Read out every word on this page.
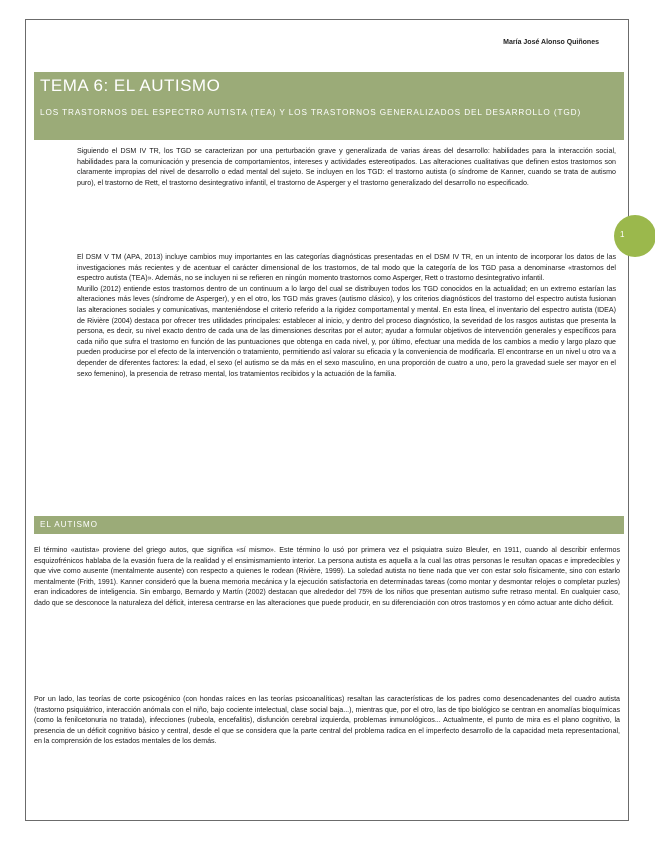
María José Alonso Quiñones
TEMA 6: EL AUTISMO
LOS TRASTORNOS DEL ESPECTRO AUTISTA (TEA) Y LOS TRASTORNOS GENERALIZADOS DEL DESARROLLO (TGD)
1

Siguiendo el DSM IV TR, los TGD se caracterizan por una perturbación grave y generalizada de varias áreas del desarrollo: habilidades para la interacción social, habilidades para la comunicación y presencia de comportamientos, intereses y actividades estereotipados. Las alteraciones cualitativas que definen estos trastornos son claramente impropias del nivel de desarrollo o edad mental del sujeto. Se incluyen en los TGD: el trastorno autista (o síndrome de Kanner, cuando se trata de autismo puro), el trastorno de Rett, el trastorno desintegrativo infantil, el trastorno de Asperger y el trastorno generalizado del desarrollo no especificado.

El DSM V TM (APA, 2013) incluye cambios muy importantes en las categorías diagnósticas presentadas en el DSM IV TR, en un intento de incorporar los datos de las investigaciones más recientes y de acentuar el carácter dimensional de los trastornos, de tal modo que la categoría de los TGD pasa a denominarse «trastornos del espectro autista (TEA)». Además, no se incluyen ni se refieren en ningún momento trastornos como Asperger, Rett o trastorno desintegrativo infantil.

Murillo (2012) entiende estos trastornos dentro de un continuum a lo largo del cual se distribuyen todos los TGD conocidos en la actualidad; en un extremo estarían las alteraciones más leves (síndrome de Asperger), y en el otro, los TGD más graves (autismo clásico), y los criterios diagnósticos del trastorno del espectro autista fusionan las alteraciones sociales y comunicativas, manteniéndose el criterio referido a la rigidez comportamental y mental. En esta línea, el inventario del espectro autista (IDEA) de Rivière (2004) destaca por ofrecer tres utilidades principales: establecer al inicio, y dentro del proceso diagnóstico, la severidad de los rasgos autistas que presenta la persona, es decir, su nivel exacto dentro de cada una de las dimensiones descritas por el autor; ayudar a formular objetivos de intervención generales y específicos para cada niño que sufra el trastorno en función de las puntuaciones que obtenga en cada nivel, y, por último, efectuar una medida de los cambios a medio y largo plazo que pueden producirse por el efecto de la intervención o tratamiento, permitiendo así valorar su eficacia y la conveniencia de modificarla. El encontrarse en un nivel u otro va a depender de diferentes factores: la edad, el sexo (el autismo se da más en el sexo masculino, en una proporción de cuatro a uno, pero la gravedad suele ser mayor en el sexo femenino), la presencia de retraso mental, los tratamientos recibidos y la actuación de la familia.

EL AUTISMO

El término «autista» proviene del griego autos, que significa «sí mismo». Este término lo usó por primera vez el psiquiatra suizo Bleuler, en 1911, cuando al describir enfermos esquizofrénicos hablaba de la evasión fuera de la realidad y el ensimismamiento interior. La persona autista es aquella a la cual las otras personas le resultan opacas e impredecibles y que vive como ausente (mentalmente ausente) con respecto a quienes le rodean (Rivière, 1999). La soledad autista no tiene nada que ver con estar solo físicamente, sino con estarlo mentalmente (Frith, 1991). Kanner consideró que la buena memoria mecánica y la ejecución satisfactoria en determinadas tareas (como montar y desmontar relojes o completar puzles) eran indicadores de inteligencia. Sin embargo, Bernardo y Martín (2002) destacan que alrededor del 75% de los niños que presentan autismo sufre retraso mental. En cualquier caso, dado que se desconoce la naturaleza del déficit, interesa centrarse en las alteraciones que puede producir, en su diferenciación con otros trastornos y en cómo actuar ante dicho déficit.

Por un lado, las teorías de corte psicogénico (con hondas raíces en las teorías psicoanalíticas) resaltan las características de los padres como desencadenantes del cuadro autista (trastorno psiquiátrico, interacción anómala con el niño, bajo cociente intelectual, clase social baja...), mientras que, por el otro, las de tipo biológico se centran en anomalías bioquímicas (como la fenilcetonuria no tratada), infecciones (rubeola, encefalitis), disfunción cerebral izquierda, problemas inmunológicos... Actualmente, el punto de mira es el plano cognitivo, la presencia de un déficit cognitivo básico y central, desde el que se considera que la parte central del problema radica en el imperfecto desarrollo de la capacidad meta representacional, en la comprensión de los estados mentales de los demás.
